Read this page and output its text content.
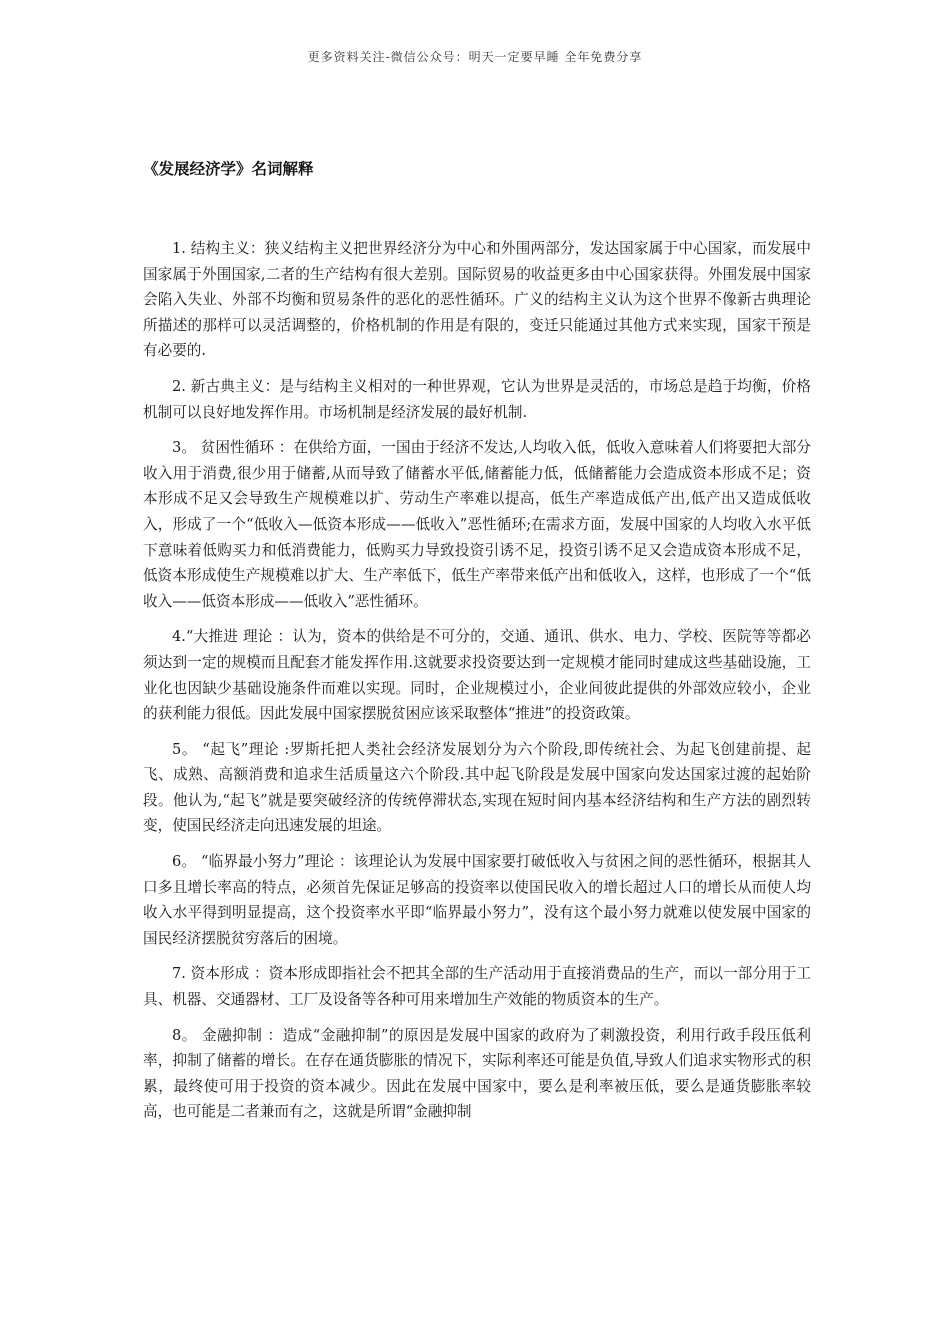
更多资料关注-微信公众号：明天一定要早睡 全年免费分享
《发展经济学》名词解释

1. 结构主义：狭义结构主义把世界经济分为中心和外围两部分，发达国家属于中心国家，而发展中国家属于外围国家,二者的生产结构有很大差别。国际贸易的收益更多由中心国家获得。外围发展中国家会陷入失业、外部不均衡和贸易条件的恶化的恶性循环。广义的结构主义认为这个世界不像新古典理论所描述的那样可以灵活调整的，价格机制的作用是有限的，变迁只能通过其他方式来实现，国家干预是有必要的.

2. 新古典主义：是与结构主义相对的一种世界观，它认为世界是灵活的，市场总是趋于均衡，价格机制可以良好地发挥作用。市场机制是经济发展的最好机制.

3。 贫困性循环 ：在供给方面，一国由于经济不发达,人均收入低，低收入意味着人们将要把大部分收入用于消费,很少用于储蓄,从而导致了储蓄水平低,储蓄能力低，低储蓄能力会造成资本形成不足；资本形成不足又会导致生产规模难以扩、劳动生产率难以提高，低生产率造成低产出,低产出又造成低收入，形成了一个“低收入—低资本形成——低收入”恶性循环;在需求方面，发展中国家的人均收入水平低下意味着低购买力和低消费能力，低购买力导致投资引诱不足，投资引诱不足又会造成资本形成不足，低资本形成使生产规模难以扩大、生产率低下，低生产率带来低产出和低收入，这样，也形成了一个“低收入——低资本形成——低收入”恶性循环。

4.“大推进 理论 ：认为，资本的供给是不可分的，交通、通讯、供水、电力、学校、医院等等都必须达到一定的规模而且配套才能发挥作用.这就要求投资要达到一定规模才能同时建成这些基础设施，工业化也因缺少基础设施条件而难以实现。同时，企业规模过小，企业间彼此提供的外部效应较小，企业的获利能力很低。因此发展中国家摆脱贫困应该采取整体“推进”的投资政策。

5。 “起飞”理论 :罗斯托把人类社会经济发展划分为六个阶段,即传统社会、为起飞创建前提、起飞、成熟、高额消费和追求生活质量这六个阶段.其中起飞阶段是发展中国家向发达国家过渡的起始阶段。他认为,“起飞”就是要突破经济的传统停滞状态,实现在短时间内基本经济结构和生产方法的剧烈转变，使国民经济走向迅速发展的坦途。

6。 “临界最小努力”理论 ：该理论认为发展中国家要打破低收入与贫困之间的恶性循环，根据其人口多且增长率高的特点，必须首先保证足够高的投资率以使国民收入的增长超过人口的增长从而使人均收入水平得到明显提高，这个投资率水平即“临界最小努力”，没有这个最小努力就难以使发展中国家的国民经济摆脱贫穷落后的困境。

7. 资本形成 ：资本形成即指社会不把其全部的生产活动用于直接消费品的生产，而以一部分用于工具、机器、交通器材、工厂及设备等各种可用来增加生产效能的物质资本的生产。

8。 金融抑制 ：造成“金融抑制”的原因是发展中国家的政府为了刺激投资，利用行政手段压低利率，抑制了储蓄的增长。在存在通货膨胀的情况下，实际利率还可能是负值,导致人们追求实物形式的积累，最终使可用于投资的资本减少。因此在发展中国家中，要么是利率被压低，要么是通货膨胀率较高，也可能是二者兼而有之，这就是所谓“金融抑制
